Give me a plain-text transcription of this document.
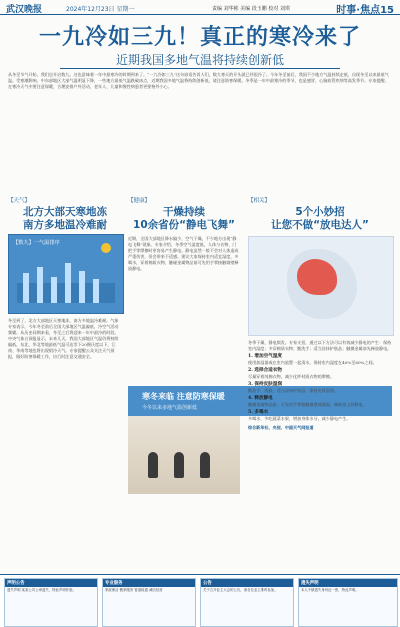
武汉晚报	2024年12月23日 星期一	责编 刘华彬 美编 段玉鹏 校对 刘琪	时事·焦点15
一九冷如三九！真正的寒冷来了
近期我国多地气温将持续创新低
从冬至节气开始，我们也开启数九。这也意味着一年中最寒冷的时期到来了。“一九冷如三九”这句谚语告诉人们，数九寒天的开头就已经很冷了。今年冬至前后，我国不少地方气温持续走低，出现冬至以来最低气温。受寒潮影响，中东部地区大部气温明显下降，一些地方最低气温跌破冰点，近期我国多地气温将持续创新低，请注意防寒保暖。冬季是一年中最寒冷的季节，也是感冒、心脑血管疾病等高发季节。专家提醒，在寒冷天气中要注意保暖，合理安排户外活动，老年人、儿童和慢性病患者更要格外小心。
【天气】
北方大部天寒地冻
南方多地温冷难耐
【数九】一气温排序
冬至到了，北方大部地区天寒地冻，南方多地温冷难耐。气象专家表示，今年冬至前后全国大部地区气温偏低，冷空气活动频繁。从历史同期来看，冬至之后将迎来一年中最冷的时段。中央气象台预报显示，未来几天，我国大部地区气温仍将持续偏低，东北、华北等地最低气温可达零下20摄氏度以下，江南、华南等地也将出现阴冷天气。专家提醒公众关注天气预报，做好防寒保暖工作，出行时注意交通安全。
【健康】
干燥持续
10余省份“静电飞舞”
近期，全国大部地区降水偏少，空气干燥，不少地方出现“静电飞舞”现象。专家介绍，冬季空气湿度低，人体与衣物、门把手等摩擦时更容易产生静电。静电虽然一般不会对人体造成严重伤害，但会带来不适感。建议大家保持室内适宜湿度，多喝水，穿着棉质衣物，触碰金属物品前可先用手掌接触墙壁释放静电。
【相关】
5个小妙招
让您不做“放电达人”
寒冬来临 注意防寒保暖
今冬以来多地气温创新低
冬季干燥，静电频发。专家支招，通过以下方法可以有效减少静电的产生：保持室内湿度；多穿棉质衣物；勤洗手；适当涂抹护肤品；触摸金属前先释放静电。
1. 增加空气湿度
使用加湿器或在室内放置一盆清水，保持室内湿度在40%至60%之间。
2. 选择合适衣物
尽量穿着纯棉衣物，减少化纤材质衣物的摩擦。
3. 保持皮肤湿润
勤洗手、洗脸，适当涂抹护肤品，保持皮肤湿润。
4. 释放静电
触摸金属物品前，可先用手掌接触墙壁或地面，释放身上的静电。
5. 多喝水
多喝水、多吃蔬菜水果，增加身体水分，减少静电产生。
综合新华社、央视、中国天气网报道
声明公告
遗失声明 某某公司公章遗失，特此声明作废。
专业服务
家政保洁 搬家服务 管道疏通 诚信经营
公告
关于召开业主大会的公告，请各位业主准时参加。
遗失声明
本人不慎遗失身份证一张，特此声明。
